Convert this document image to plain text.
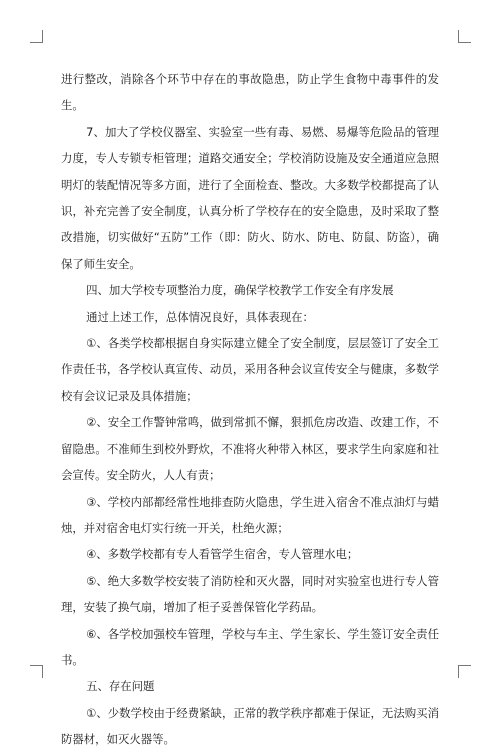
进行整改，消除各个环节中存在的事故隐患，防止学生食物中毒事件的发生。

7、加大了学校仪器室、实验室一些有毒、易燃、易爆等危险品的管理力度，专人专锁专柜管理；道路交通安全；学校消防设施及安全通道应急照明灯的装配情况等多方面，进行了全面检查、整改。大多数学校都提高了认识，补充完善了安全制度，认真分析了学校存在的安全隐患，及时采取了整改措施，切实做好“五防”工作（即：防火、防水、防电、防鼠、防盗），确保了师生安全。

四、加大学校专项整治力度，确保学校教学工作安全有序发展

通过上述工作，总体情况良好，具体表现在：

①、各类学校都根据自身实际建立健全了安全制度，层层签订了安全工作责任书，各学校认真宣传、动员，采用各种会议宣传安全与健康，多数学校有会议记录及具体措施；

②、安全工作警钟常鸣，做到常抓不懈，狠抓危房改造、改建工作，不留隐患。不准师生到校外野炊，不准将火种带入林区，要求学生向家庭和社会宣传。安全防火，人人有责；

③、学校内部都经常性地排查防火隐患，学生进入宿舍不准点油灯与蜡烛，并对宿舍电灯实行统一开关，杜绝火源；

④、多数学校都有专人看管学生宿舍，专人管理水电；

⑤、绝大多数学校安装了消防栓和灭火器，同时对实验室也进行专人管理，安装了换气扇，增加了柜子妥善保管化学药品。

⑥、各学校加强校车管理，学校与车主、学生家长、学生签订安全责任书。

五、存在问题

①、少数学校由于经费紧缺，正常的教学秩序都难于保证，无法购买消防器材，如灭火器等。
